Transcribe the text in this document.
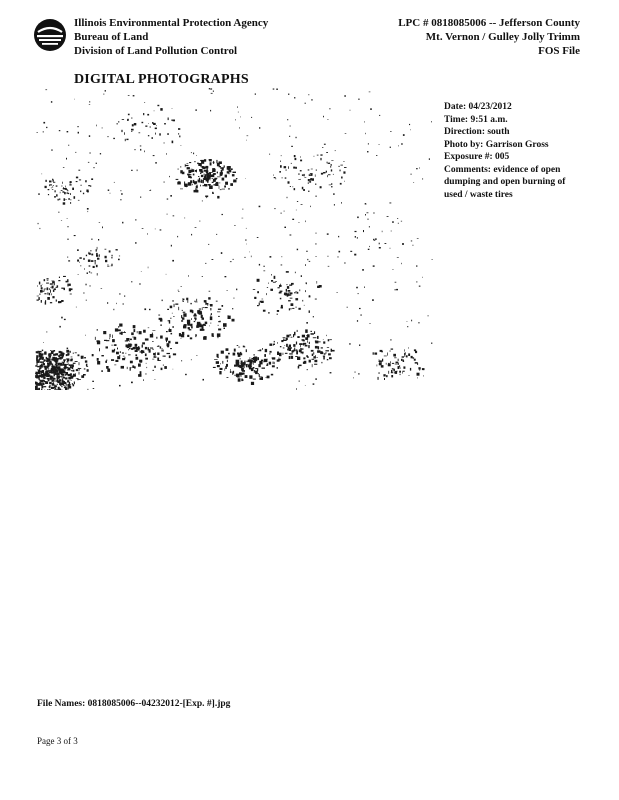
Illinois Environmental Protection Agency
Bureau of Land
Division of Land Pollution Control
LPC # 0818085006 -- Jefferson County
Mt. Vernon / Gulley Jolly Trimm
FOS File
DIGITAL PHOTOGRAPHS
Date: 04/23/2012
Time: 9:51 a.m.
Direction: south
Photo by: Garrison Gross
Exposure #: 005
Comments: evidence of open dumping and open burning of used / waste tires
File Names: 0818085006--04232012-[Exp. #].jpg
Page 3 of 3
